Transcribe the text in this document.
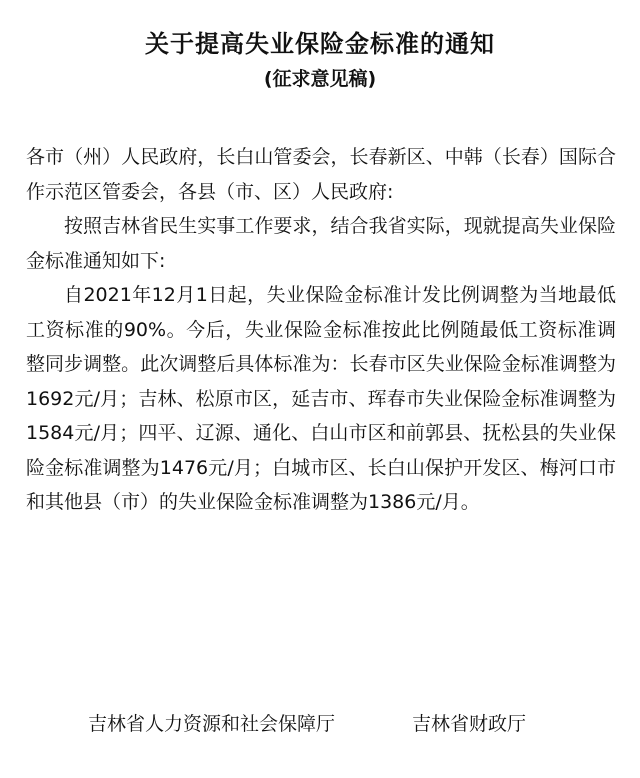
关于提高失业保险金标准的通知
(征求意见稿)

各市（州）人民政府，长白山管委会，长春新区、中韩（长春）国际合作示范区管委会，各县（市、区）人民政府:

按照吉林省民生实事工作要求，结合我省实际，现就提高失业保险金标准通知如下:

自2021年12月1日起，失业保险金标准计发比例调整为当地最低工资标准的90%。今后，失业保险金标准按此比例随最低工资标准调整同步调整。此次调整后具体标准为：长春市区失业保险金标准调整为1692元/月；吉林、松原市区，延吉市、珲春市失业保险金标准调整为1584元/月；四平、辽源、通化、白山市区和前郭县、抚松县的失业保险金标准调整为1476元/月；白城市区、长白山保护开发区、梅河口市和其他县（市）的失业保险金标准调整为1386元/月。

吉林省人力资源和社会保障厅	吉林省财政厅
